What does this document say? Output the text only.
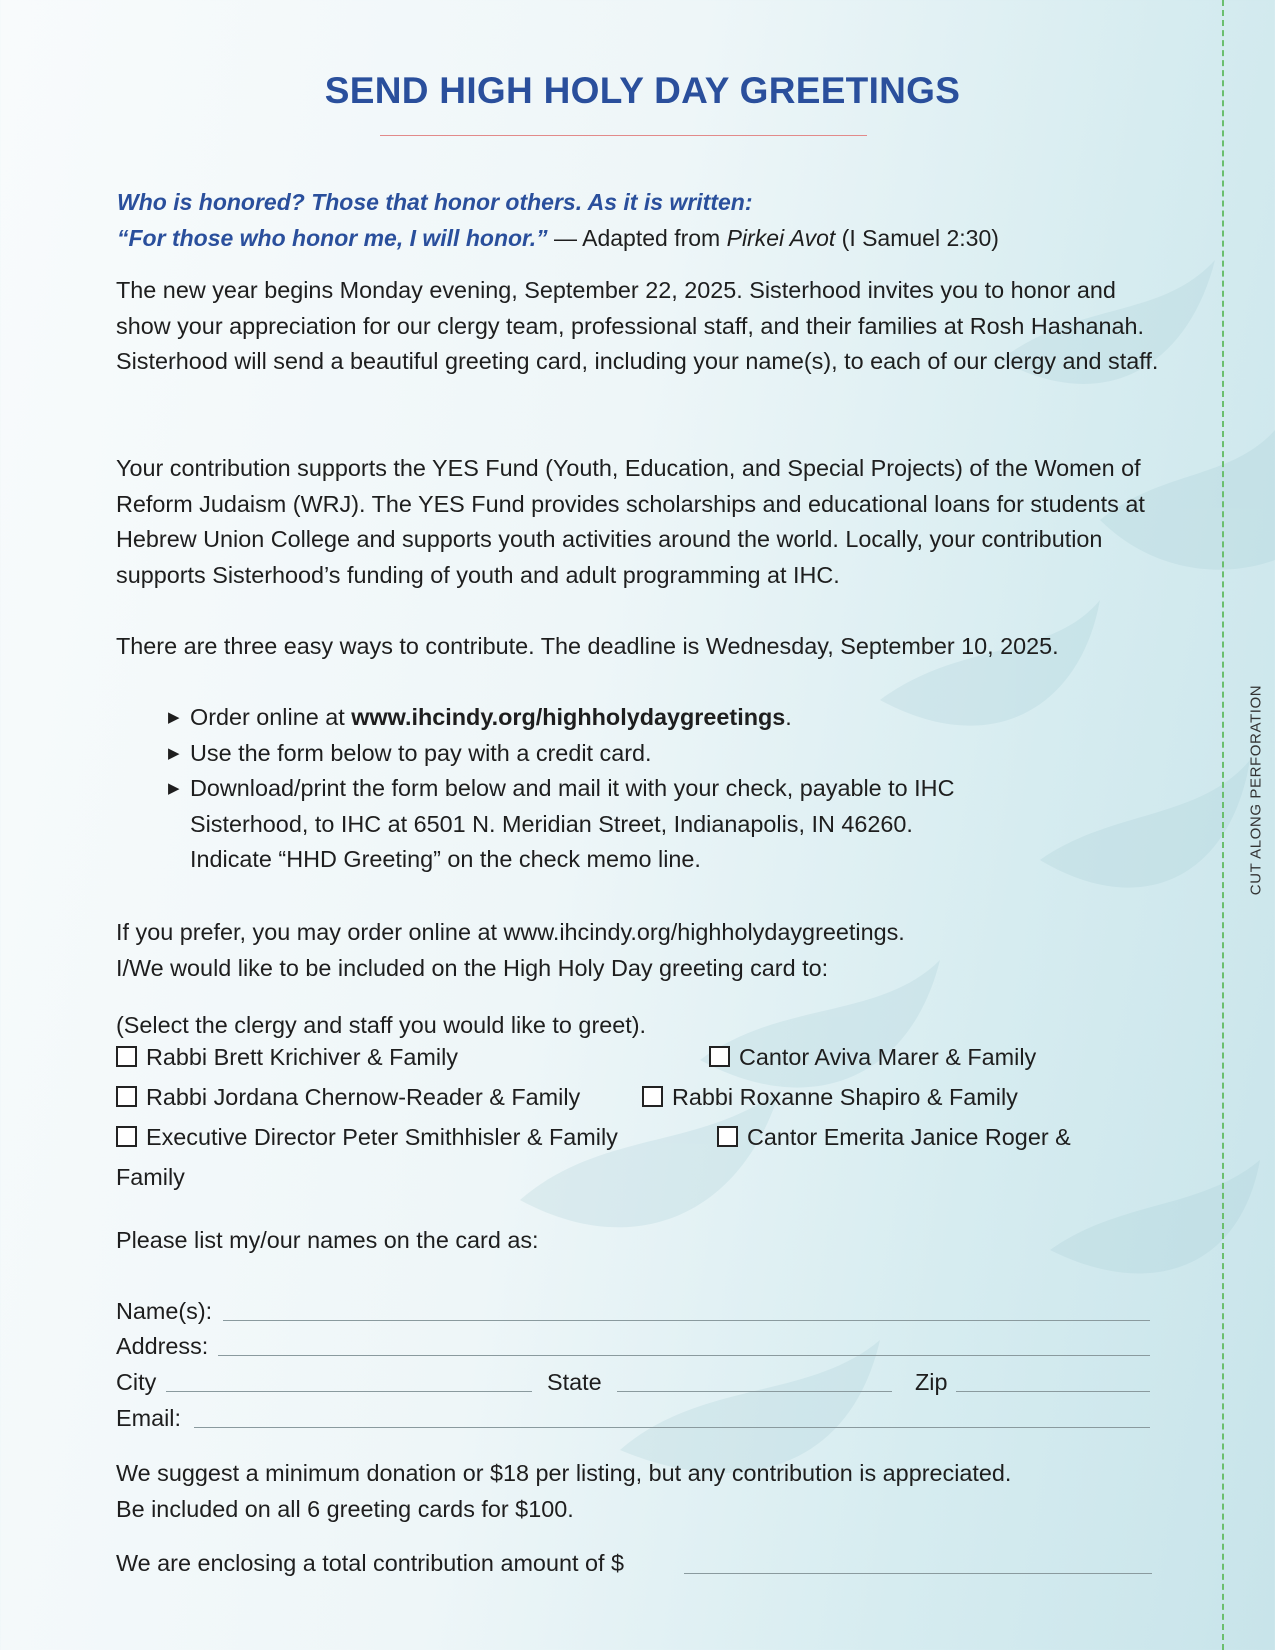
SEND HIGH HOLY DAY GREETINGS
Who is honored? Those that honor others. As it is written:
“For those who honor me, I will honor.” — Adapted from Pirkei Avot (I Samuel 2:30)

The new year begins Monday evening, September 22, 2025. Sisterhood invites you to honor and show your appreciation for our clergy team, professional staff, and their families at Rosh Hashanah. Sisterhood will send a beautiful greeting card, including your name(s), to each of our clergy and staff.

Your contribution supports the YES Fund (Youth, Education, and Special Projects) of the Women of Reform Judaism (WRJ). The YES Fund provides scholarships and educational loans for students at Hebrew Union College and supports youth activities around the world. Locally, your contribution supports Sisterhood’s funding of youth and adult programming at IHC.

There are three easy ways to contribute. The deadline is Wednesday, September 10, 2025.

▶ Order online at www.ihcindy.org/highholydaygreetings.
▶ Use the form below to pay with a credit card.
▶ Download/print the form below and mail it with your check, payable to IHC
Sisterhood, to IHC at 6501 N. Meridian Street, Indianapolis, IN 46260.
Indicate “HHD Greeting” on the check memo line.
If you prefer, you may order online at www.ihcindy.org/highholydaygreetings.
I/We would like to be included on the High Holy Day greeting card to:
(Select the clergy and staff you would like to greet).
Rabbi Brett Krichiver & Family	Cantor Aviva Marer & Family
Rabbi Jordana Chernow-Reader & Family	Rabbi Roxanne Shapiro & Family
Executive Director Peter Smithhisler & Family	Cantor Emerita Janice Roger &
Family
Please list my/our names on the card as:
Name(s):
Address:
City	State	Zip
Email:
We suggest a minimum donation or $18 per listing, but any contribution is appreciated.
Be included on all 6 greeting cards for $100.
We are enclosing a total contribution amount of $
CUT ALONG PERFORATION
